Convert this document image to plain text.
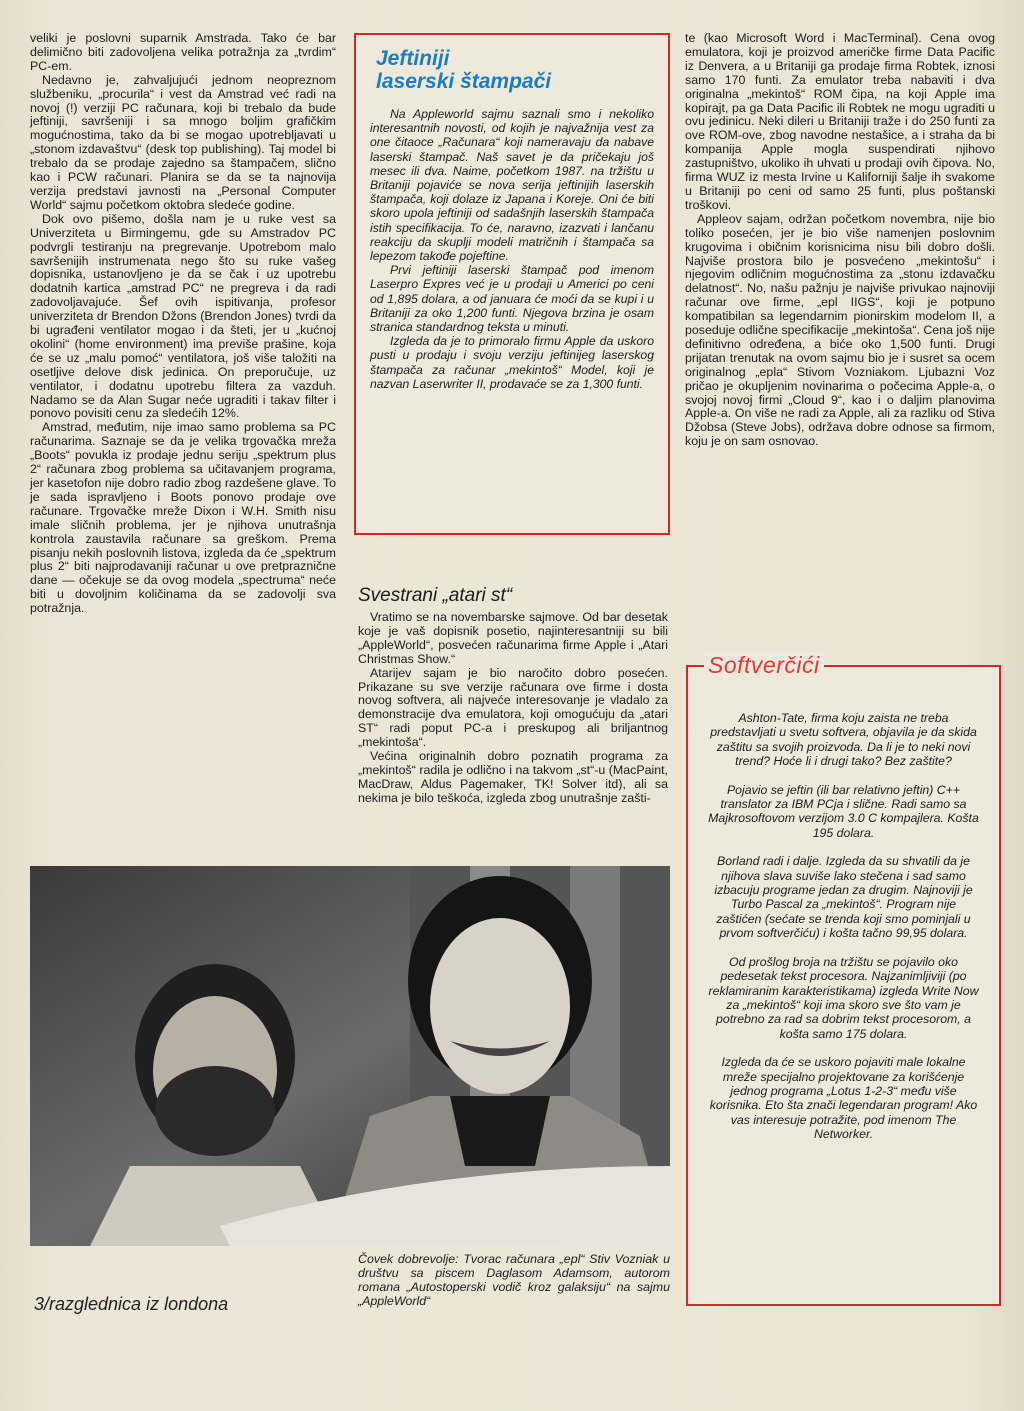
veliki je poslovni suparnik Amstrada. Tako će bar delimično biti zadovoljena velika potražnja za „tvrdim“ PC-em.

Nedavno je, zahvaljujući jednom neopreznom službeniku, „procurila“ i vest da Amstrad već radi na novoj (!) verziji PC računara, koji bi trebalo da bude jeftiniji, savršeniji i sa mnogo boljim grafičkim mogućnostima, tako da bi se mogao upotrebljavati u „stonom izdavaštvu“ (desk top publishing). Taj model bi trebalo da se prodaje zajedno sa štampačem, slično kao i PCW računari. Planira se da se ta najnovija verzija predstavi javnosti na „Personal Computer World“ sajmu početkom oktobra sledeće godine.

Dok ovo pišemo, došla nam je u ruke vest sa Univerziteta u Birmingemu, gde su Amstradov PC podvrgli testiranju na pregrevanje. Upotrebom malo savršenijih instrumenata nego što su ruke vašeg dopisnika, ustanovljeno je da se čak i uz upotrebu dodatnih kartica „amstrad PC“ ne pregreva i da radi zadovoljavajuće. Šef ovih ispitivanja, profesor univerziteta dr Brendon Džons (Brendon Jones) tvrdi da bi ugrađeni ventilator mogao i da šteti, jer u „kućnoj okolini“ (home environment) ima previše prašine, koja će se uz „malu pomoć“ ventilatora, još više taložiti na osetljive delove disk jedinica. On preporučuje, uz ventilator, i dodatnu upotrebu filtera za vazduh. Nadamo se da Alan Sugar neće ugraditi i takav filter i ponovo povisiti cenu za sledećih 12%.

Amstrad, međutim, nije imao samo problema sa PC računarima. Saznaje se da je velika trgovačka mreža „Boots“ povukla iz prodaje jednu seriju „spektrum plus 2“ računara zbog problema sa učitavanjem programa, jer kasetofon nije dobro radio zbog razdešene glave. To je sada ispravljeno i Boots ponovo prodaje ove računare. Trgovačke mreže Dixon i W.H. Smith nisu imale sličnih problema, jer je njihova unutrašnja kontrola zaustavila računare sa greškom. Prema pisanju nekih poslovnih listova, izgleda da će „spektrum plus 2“ biti najprodavaniji računar u ove pretpraznične dane — očekuje se da ovog modela „spectruma“ neće biti u dovoljnim količinama da se zadovolji sva potražnja.

Jeftiniji
laserski štampači

Na Appleworld sajmu saznali smo i nekoliko interesantnih novosti, od kojih je najvažnija vest za one čitaoce „Računara“ koji nameravaju da nabave laserski štampač. Naš savet je da pričekaju još mesec ili dva. Naime, početkom 1987. na tržištu u Britaniji pojaviće se nova serija jeftinijih laserskih štampača, koji dolaze iz Japana i Koreje. Oni će biti skoro upola jeftiniji od sadašnjih laserskih štampača istih specifikacija. To će, naravno, izazvati i lančanu reakciju da skuplji modeli matričnih i štampača sa lepezom takođe pojeftine.

Prvi jeftiniji laserski štampač pod imenom Laserpro Expres već je u prodaji u Americi po ceni od 1,895 dolara, a od januara će moći da se kupi i u Britaniji za oko 1,200 funti. Njegova brzina je osam stranica standardnog teksta u minuti.

Izgleda da je to primoralo firmu Apple da uskoro pusti u prodaju i svoju verziju jeftinijeg laserskog štampača za računar „mekintoš“ Model, koji je nazvan Laserwriter II, prodavaće se za 1,300 funti.

Svestrani „atari st“

Vratimo se na novembarske sajmove. Od bar desetak koje je vaš dopisnik posetio, najinteresantniji su bili „AppleWorld“, posvećen računarima firme Apple i „Atari Christmas Show.“

Atarijev sajam je bio naročito dobro posećen. Prikazane su sve verzije računara ove firme i dosta novog softvera, ali najveće interesovanje je vladalo za demonstracije dva emulatora, koji omogućuju da „atari ST“ radi poput PC-a i preskupog ali briljantnog „mekintoša“.

Većina originalnih dobro poznatih programa za „mekintoš“ radila je odlično i na takvom „st“-u (MacPaint, MacDraw, Aldus Pagemaker, TK! Solver itd), ali sa nekima je bilo teškoća, izgleda zbog unutrašnje zašti-

te (kao Microsoft Word i MacTerminal). Cena ovog emulatora, koji je proizvod američke firme Data Pacific iz Denvera, a u Britaniji ga prodaje firma Robtek, iznosi samo 170 funti. Za emulator treba nabaviti i dva originalna „mekintoš“ ROM čipa, na koji Apple ima kopirajt, pa ga Data Pacific ili Robtek ne mogu ugraditi u ovu jedinicu. Neki dileri u Britaniji traže i do 250 funti za ove ROM-ove, zbog navodne nestašice, a i straha da bi kompanija Apple mogla suspendirati njihovo zastupništvo, ukoliko ih uhvati u prodaji ovih čipova. No, firma WUZ iz mesta Irvine u Kaliforniji šalje ih svakome u Britaniji po ceni od samo 25 funti, plus poštanski troškovi.

Appleov sajam, održan početkom novembra, nije bio toliko posećen, jer je bio više namenjen poslovnim krugovima i običnim korisnicima nisu bili dobro došli. Najviše prostora bilo je posvećeno „mekintošu“ i njegovim odličnim mogućnostima za „stonu izdavačku delatnost“. No, našu pažnju je najviše privukao najnoviji računar ove firme, „epl IIGS“, koji je potpuno kompatibilan sa legendarnim pionirskim modelom II, a poseduje odlične specifikacije „mekintoša“. Cena još nije definitivno određena, a biće oko 1,500 funti. Drugi prijatan trenutak na ovom sajmu bio je i susret sa ocem originalnog „epla“ Stivom Vozniakom. Ljubazni Voz pričao je okupljenim novinarima o počecima Apple-a, o svojoj novoj firmi „Cloud 9“, kao i o daljim planovima Apple-a. On više ne radi za Apple, ali za razliku od Stiva Džobsa (Steve Jobs), održava dobre odnose sa firmom, koju je on sam osnovao.

Softverčići

Ashton-Tate, firma koju zaista ne treba predstavljati u svetu softvera, objavila je da skida zaštitu sa svojih proizvoda. Da li je to neki novi trend? Hoće li i drugi tako? Bez zaštite?

Pojavio se jeftin (ili bar relativno jeftin) C++ translator za IBM PCja i slične. Radi samo sa Majkrosoftovom verzijom 3.0 C kompajlera. Košta 195 dolara.

Borland radi i dalje. Izgleda da su shvatili da je njihova slava suviše lako stečena i sad samo izbacuju programe jedan za drugim. Najnoviji je Turbo Pascal za „mekintoš“. Program nije zaštićen (sećate se trenda koji smo pominjali u prvom softverčiću) i košta tačno 99,95 dolara.

Od prošlog broja na tržištu se pojavilo oko pedesetak tekst procesora. Najzanimljiviji (po reklamiranim karakteristikama) izgleda Write Now za „mekintoš“ koji ima skoro sve što vam je potrebno za rad sa dobrim tekst procesorom, a košta samo 175 dolara.

Izgleda da će se uskoro pojaviti male lokalne mreže specijalno projektovane za korišćenje jednog programa „Lotus 1-2-3“ među više korisnika. Eto šta znači legendaran program! Ako vas interesuje potražite, pod imenom The Networker.

Čovek dobrevolje: Tvorac računara „epl“ Stiv Vozniak u društvu sa piscem Daglasom Adamsom, autorom romana „Autostoperski vodič kroz galaksiju“ na sajmu „AppleWorld“
3/razglednica iz londona
